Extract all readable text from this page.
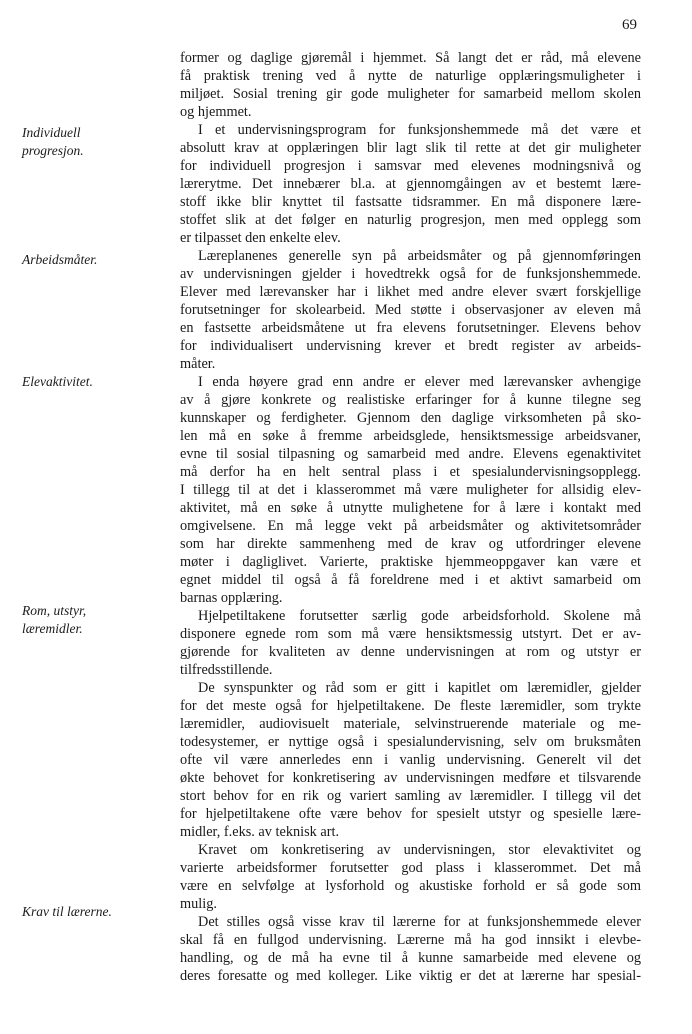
69
Individuell progresjon.
Arbeidsmåter.
Elevaktivitet.
Rom, utstyr, læremidler.
Krav til lærerne.
former og daglige gjøremål i hjemmet. Så langt det er råd, må elevene
få praktisk trening ved å nytte de naturlige opplæringsmuligheter i
miljøet. Sosial trening gir gode muligheter for samarbeid mellom skolen
og hjemmet.
I et undervisningsprogram for funksjonshemmede må det være et
absolutt krav at opplæringen blir lagt slik til rette at det gir muligheter
for individuell progresjon i samsvar med elevenes modningsnivå og
lærerytme. Det innebærer bl.a. at gjennomgåingen av et bestemt lære-
stoff ikke blir knyttet til fastsatte tidsrammer. En må disponere lære-
stoffet slik at det følger en naturlig progresjon, men med opplegg som
er tilpasset den enkelte elev.
Læreplanenes generelle syn på arbeidsmåter og på gjennomføringen
av undervisningen gjelder i hovedtrekk også for de funksjonshemmede.
Elever med lærevansker har i likhet med andre elever svært forskjellige
forutsetninger for skolearbeid. Med støtte i observasjoner av eleven må
en fastsette arbeidsmåtene ut fra elevens forutsetninger. Elevens behov
for individualisert undervisning krever et bredt register av arbeids-
måter.
I enda høyere grad enn andre er elever med lærevansker avhengige
av å gjøre konkrete og realistiske erfaringer for å kunne tilegne seg
kunnskaper og ferdigheter. Gjennom den daglige virksomheten på sko-
len må en søke å fremme arbeidsglede, hensiktsmessige arbeidsvaner,
evne til sosial tilpasning og samarbeid med andre. Elevens egenaktivitet
må derfor ha en helt sentral plass i et spesialundervisningsopplegg.
I tillegg til at det i klasserommet må være muligheter for allsidig elev-
aktivitet, må en søke å utnytte mulighetene for å lære i kontakt med
omgivelsene. En må legge vekt på arbeidsmåter og aktivitetsområder
som har direkte sammenheng med de krav og utfordringer elevene
møter i dagliglivet. Varierte, praktiske hjemmeoppgaver kan være et
egnet middel til også å få foreldrene med i et aktivt samarbeid om
barnas opplæring.
Hjelpetiltakene forutsetter særlig gode arbeidsforhold. Skolene må
disponere egnede rom som må være hensiktsmessig utstyrt. Det er av-
gjørende for kvaliteten av denne undervisningen at rom og utstyr er
tilfredsstillende.
De synspunkter og råd som er gitt i kapitlet om læremidler, gjelder
for det meste også for hjelpetiltakene. De fleste læremidler, som trykte
læremidler, audiovisuelt materiale, selvinstruerende materiale og me-
todesystemer, er nyttige også i spesialundervisning, selv om bruksmåten
ofte vil være annerledes enn i vanlig undervisning. Generelt vil det
økte behovet for konkretisering av undervisningen medføre et tilsvarende
stort behov for en rik og variert samling av læremidler. I tillegg vil det
for hjelpetiltakene ofte være behov for spesielt utstyr og spesielle lære-
midler, f.eks. av teknisk art.
Kravet om konkretisering av undervisningen, stor elevaktivitet og
varierte arbeidsformer forutsetter god plass i klasserommet. Det må
være en selvfølge at lysforhold og akustiske forhold er så gode som
mulig.
Det stilles også visse krav til lærerne for at funksjonshemmede elever
skal få en fullgod undervisning. Lærerne må ha god innsikt i elevbe-
handling, og de må ha evne til å kunne samarbeide med elevene og
deres foresatte og med kolleger. Like viktig er det at lærerne har spesial-
